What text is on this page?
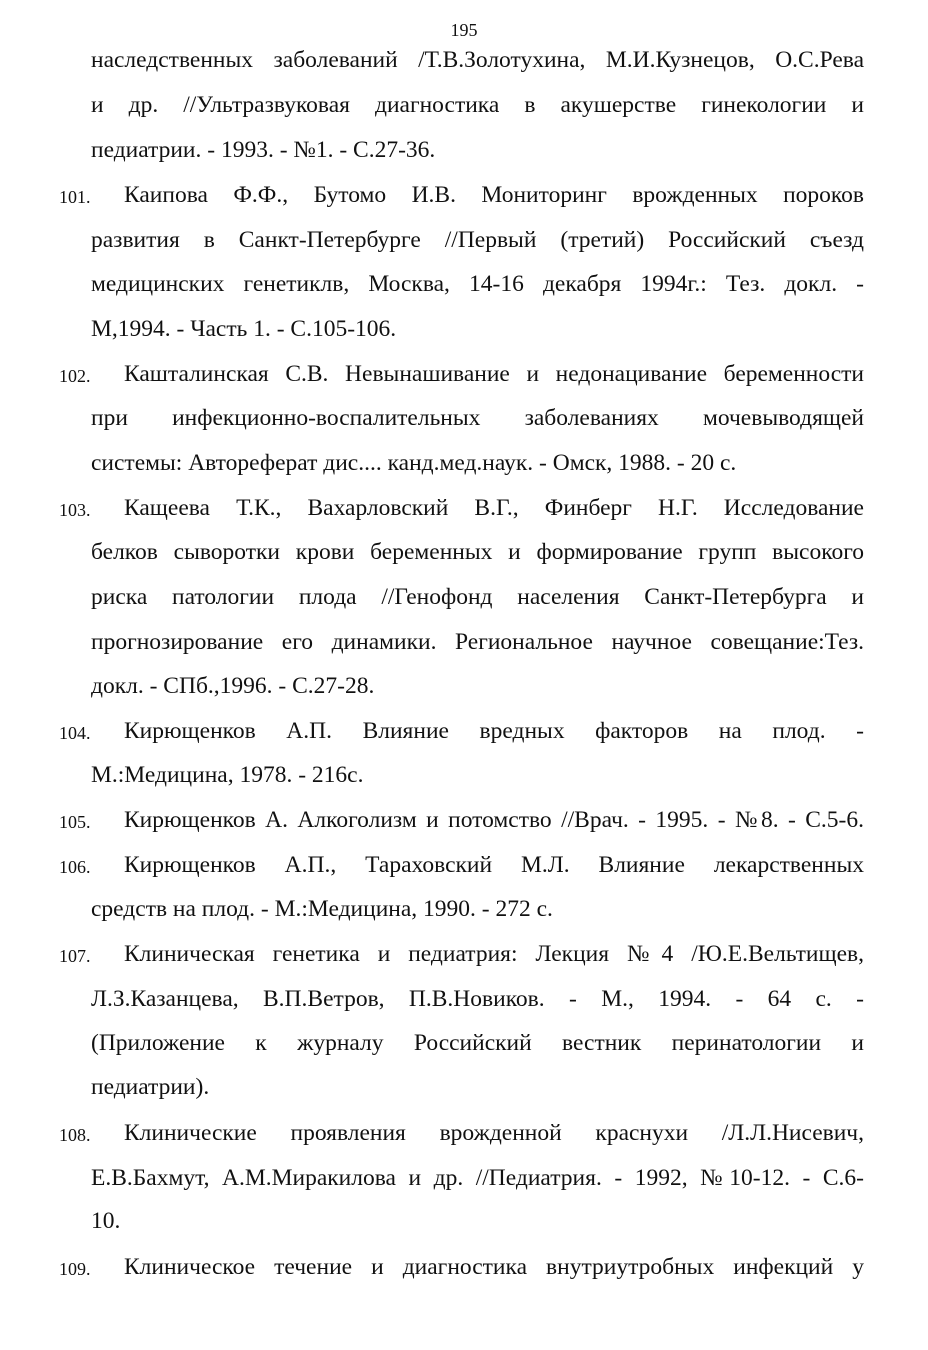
195
наследственных заболеваний /Т.В.Золотухина, М.И.Кузнецов, О.С.Рева
и др. //Ультразвуковая диагностика в акушерстве гинекологии и
педиатрии. - 1993. - №1. - С.27-36.
101.	Каипова Ф.Ф., Бутомо И.В. Мониторинг врожденных пороков
развития в Санкт-Петербурге //Первый (третий) Российский съезд
медицинских генетиклв, Москва, 14-16 декабря 1994г.: Тез. докл. -
М,1994. - Часть 1. - С.105-106.
102.	Кашталинская С.В. Невынашивание и недонацивание беременности
при инфекционно-воспалительных заболеваниях мочевыводящей
системы: Автореферат дис.... канд.мед.наук. - Омск, 1988. - 20 с.
103.	Кащеева Т.К., Вахарловский В.Г., Финберг Н.Г. Исследование
белков сыворотки крови беременных и формирование групп высокого
риска патологии плода //Генофонд населения Санкт-Петербурга и
прогнозирование его динамики. Региональное научное совещание:Тез.
докл. - СПб.,1996. - С.27-28.
104.	Кирющенков А.П. Влияние вредных факторов на плод. -
М.:Медицина, 1978. - 216с.
105.	Кирющенков А. Алкоголизм и потомство //Врач. - 1995. - №8. - С.5-6.
106.	Кирющенков А.П., Тараховский М.Л. Влияние лекарственных
средств на плод. - М.:Медицина, 1990. - 272 с.
107.	Клиническая генетика и педиатрия: Лекция №4 /Ю.Е.Вельтищев,
Л.З.Казанцева, В.П.Ветров, П.В.Новиков. - М., 1994. - 64 с. -
(Приложение к журналу Российский вестник перинатологии и
педиатрии).
108.	Клинические проявления врожденной краснухи /Л.Л.Нисевич,
Е.В.Бахмут, А.М.Миракилова и др. //Педиатрия. - 1992, №10-12. - С.6-
10.
109.	Клиническое течение и диагностика внутриутробных инфекций у
